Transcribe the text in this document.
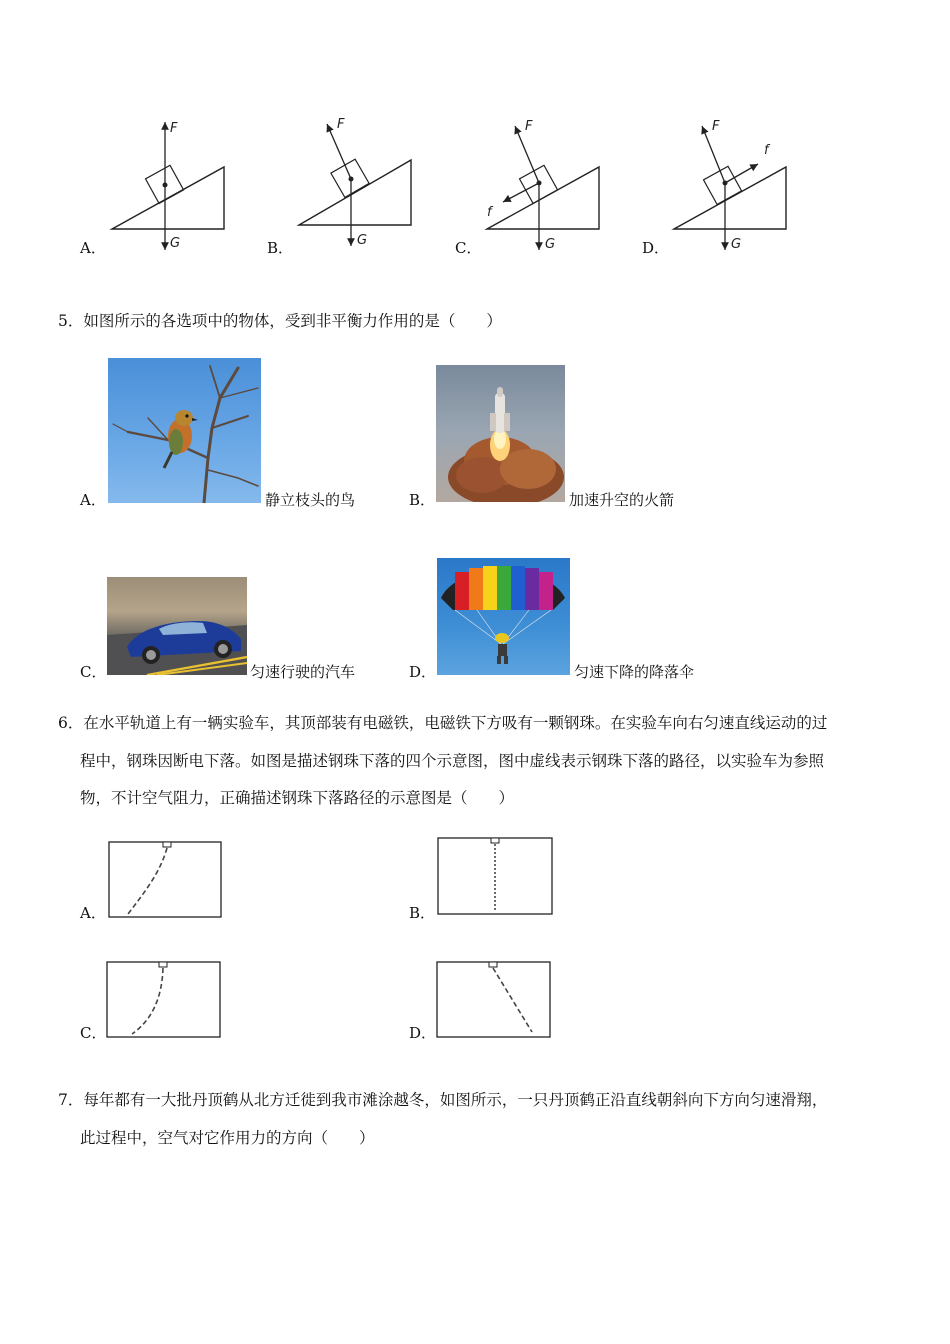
F
G
A．
F
G
B．
F
G
f
C．
F
G
f
D．
5．如图所示的各选项中的物体，受到非平衡力作用的是（　　）
A．	静立枝头的鸟	B．	加速升空的火箭
C．	匀速行驶的汽车	D．	匀速下降的降落伞
6．在水平轨道上有一辆实验车，其顶部装有电磁铁，电磁铁下方吸有一颗钢珠。在实验车向右匀速直线运动的过
程中，钢珠因断电下落。如图是描述钢珠下落的四个示意图，图中虚线表示钢珠下落的路径，以实验车为参照
物，不计空气阻力，正确描述钢珠下落路径的示意图是（　　）
A．	B．
C．	D．
7．每年都有一大批丹顶鹤从北方迁徙到我市滩涂越冬，如图所示，一只丹顶鹤正沿直线朝斜向下方向匀速滑翔，
此过程中，空气对它作用力的方向（　　）
